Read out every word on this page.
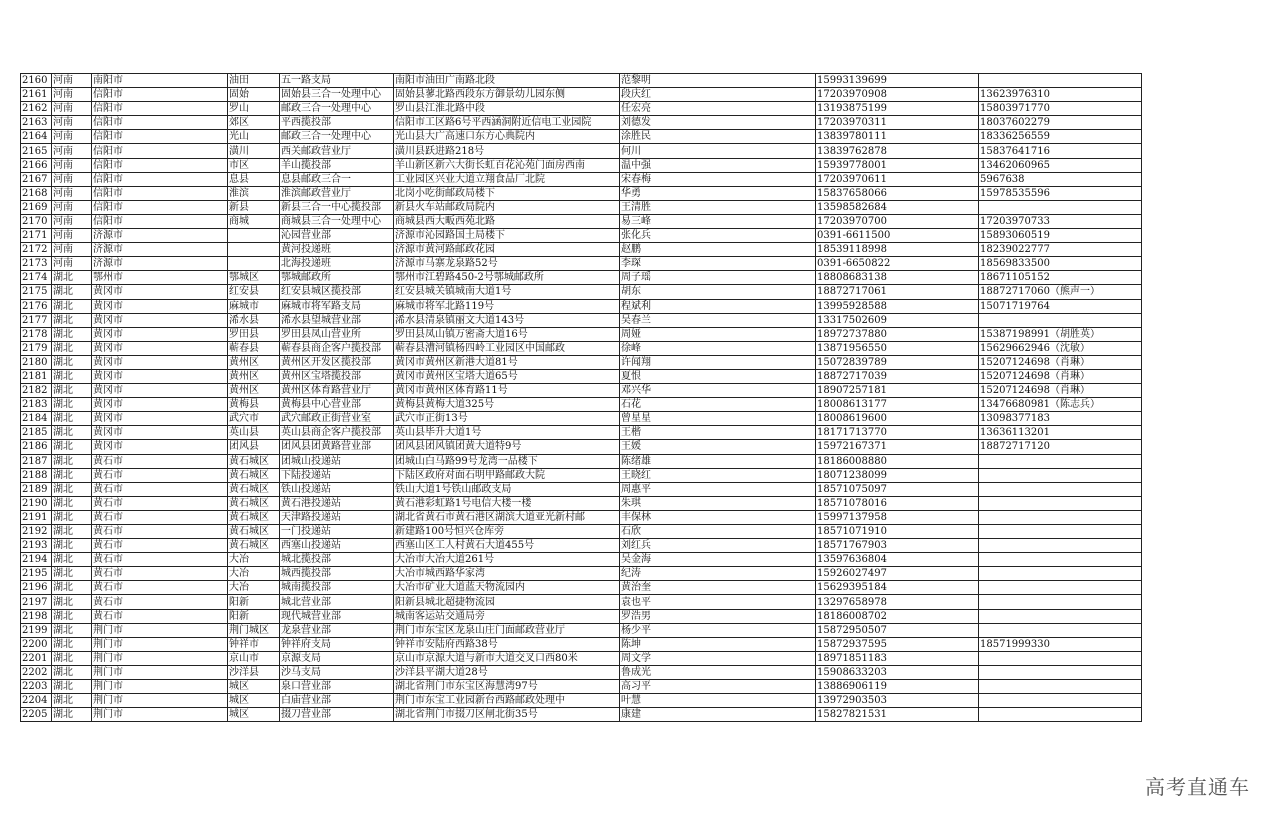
2160	河南	南阳市	油田	五一路支局	南阳市油田广南路北段	范黎明	15993139699	
2161	河南	信阳市	固始	固始县三合一处理中心	固始县蓼北路西段东方御景幼儿园东侧	段庆红	17203970908	13623976310
2162	河南	信阳市	罗山	邮政三合一处理中心	罗山县江淮北路中段	任宏亮	13193875199	15803971770
2163	河南	信阳市	郊区	平西揽投部	信阳市工区路6号平西涵洞附近信电工业园院	刘德发	17203970311	18037602279
2164	河南	信阳市	光山	邮政三合一处理中心	光山县大广高速口东方心典院内	涂胜民	13839780111	18336256559
2165	河南	信阳市	潢川	西关邮政营业厅	潢川县跃进路218号	何川	13839762878	15837641716
2166	河南	信阳市	市区	羊山揽投部	羊山新区新六大街长虹百花沁苑门面房西南	温中强	15939778001	13462060965
2167	河南	信阳市	息县	息县邮政三合一	工业园区兴业大道立翔食品厂北院	宋春梅	17203970611	5967638
2168	河南	信阳市	淮滨	淮滨邮政营业厅	北岗小吃街邮政局楼下	华勇	15837658066	15978535596
2169	河南	信阳市	新县	新县三合一中心揽投部	新县火车站邮政局院内	王清胜	13598582684	
2170	河南	信阳市	商城	商城县三合一处理中心	商城县西大畈西苑北路	易三峰	17203970700	17203970733
2171	河南	济源市		沁园营业部	济源市沁园路国土局楼下	张化兵	0391-6611500	15893060519
2172	河南	济源市		黄河投递班	济源市黄河路邮政花园	赵鹏	18539118998	18239022777
2173	河南	济源市		北海投递班	济源市马寨龙泉路52号	李琛	0391-6650822	18569833500
2174	湖北	鄂州市	鄂城区	鄂城邮政所	鄂州市江碧路450-2号鄂城邮政所	周子瑶	18808683138	18671105152
2175	湖北	黄冈市	红安县	红安县城区揽投部	红安县城关镇城南大道1号	胡东	18872717061	18872717060（熊声一）
2176	湖北	黄冈市	麻城市	麻城市将军路支局	麻城市将军北路119号	程斌利	13995928588	15071719764
2177	湖北	黄冈市	浠水县	浠水县望城营业部	浠水县清泉镇丽文大道143号	吴春兰	13317502609	
2178	湖北	黄冈市	罗田县	罗田县凤山营业所	罗田县凤山镇万密斋大道16号	周娅	18972737880	15387198991（胡胜英）
2179	湖北	黄冈市	蕲春县	蕲春县商企客户揽投部	蕲春县漕河镇杨四岭工业园区中国邮政	徐峰	13871956550	15629662946（沈敏）
2180	湖北	黄冈市	黄州区	黄州区开发区揽投部	黄冈市黄州区新港大道81号	许闻翔	15072839789	15207124698（肖琳）
2181	湖北	黄冈市	黄州区	黄州区宝塔揽投部	黄冈市黄州区宝塔大道65号	夏恨	18872717039	15207124698（肖琳）
2182	湖北	黄冈市	黄州区	黄州区体育路营业厅	黄冈市黄州区体育路11号	邓兴华	18907257181	15207124698（肖琳）
2183	湖北	黄冈市	黄梅县	黄梅县中心营业部	黄梅县黄梅大道325号	石花	18008613177	13476680981（陈志兵）
2184	湖北	黄冈市	武穴市	武穴邮政正街营业室	武穴市正街13号	曾星星	18008619600	13098377183
2185	湖北	黄冈市	英山县	英山县商企客户揽投部	英山县毕升大道1号	王楷	18171713770	13636113201
2186	湖北	黄冈市	团风县	团风县团黄路营业部	团风县团风镇团黄大道特9号	王媛	15972167371	18872717120
2187	湖北	黄石市	黄石城区	团城山投递站	团城山白马路99号龙湾一品楼下	陈绪雄	18186008880	
2188	湖北	黄石市	黄石城区	下陆投递站	下陆区政府对面石明甲路邮政大院	王晓红	18071238099	
2189	湖北	黄石市	黄石城区	铁山投递站	铁山大道1号铁山邮政支局	周惠平	18571075097	
2190	湖北	黄石市	黄石城区	黄石港投递站	黄石港彩虹路1号电信大楼一楼	朱琪	18571078016	
2191	湖北	黄石市	黄石城区	天津路投递站	湖北省黄石市黄石港区湖滨大道亚光新村邮	丰保林	15997137958	
2192	湖北	黄石市	黄石城区	一门投递站	新建路100号恒兴仓库旁	石欣	18571071910	
2193	湖北	黄石市	黄石城区	西塞山投递站	西塞山区工人村黄石大道455号	刘红兵	18571767903	
2194	湖北	黄石市	大冶	城北揽投部	大冶市大冶大道261号	吴金海	13597636804	
2195	湖北	黄石市	大冶	城西揽投部	大冶市城西路华家湾	纪涛	15926027497	
2196	湖北	黄石市	大冶	城南揽投部	大冶市矿业大道蓝天物流园内	黄治奎	15629395184	
2197	湖北	黄石市	阳新	城北营业部	阳新县城北超捷物流园	袁也平	13297658978	
2198	湖北	黄石市	阳新	现代城营业部	城南客运站交通局旁	罗浩男	18186008702	
2199	湖北	荆门市	荆门城区	龙泉营业部	荆门市东宝区龙泉山庄门面邮政营业厅	杨少平	15872950507	
2200	湖北	荆门市	钟祥市	钟祥府支局	钟祥市安陆府西路38号	陈坤	15872937595	18571999330
2201	湖北	荆门市	京山市	京源支局	京山市京源大道与新市大道交叉口西80米	周文学	18971851183	
2202	湖北	荆门市	沙洋县	沙马支局	沙洋县平湖大道28号	鲁成光	15908633203	
2203	湖北	荆门市	城区	泉口营业部	湖北省荆门市东宝区海慧湾97号	高习平	13886906119	
2204	湖北	荆门市	城区	白庙营业部	荆门市东宝工业园新台西路邮政处理中	叶慧	13972903503	
2205	湖北	荆门市	城区	掇刀营业部	湖北省荆门市掇刀区闸北街35号	康建	15827821531	
高考直通车
